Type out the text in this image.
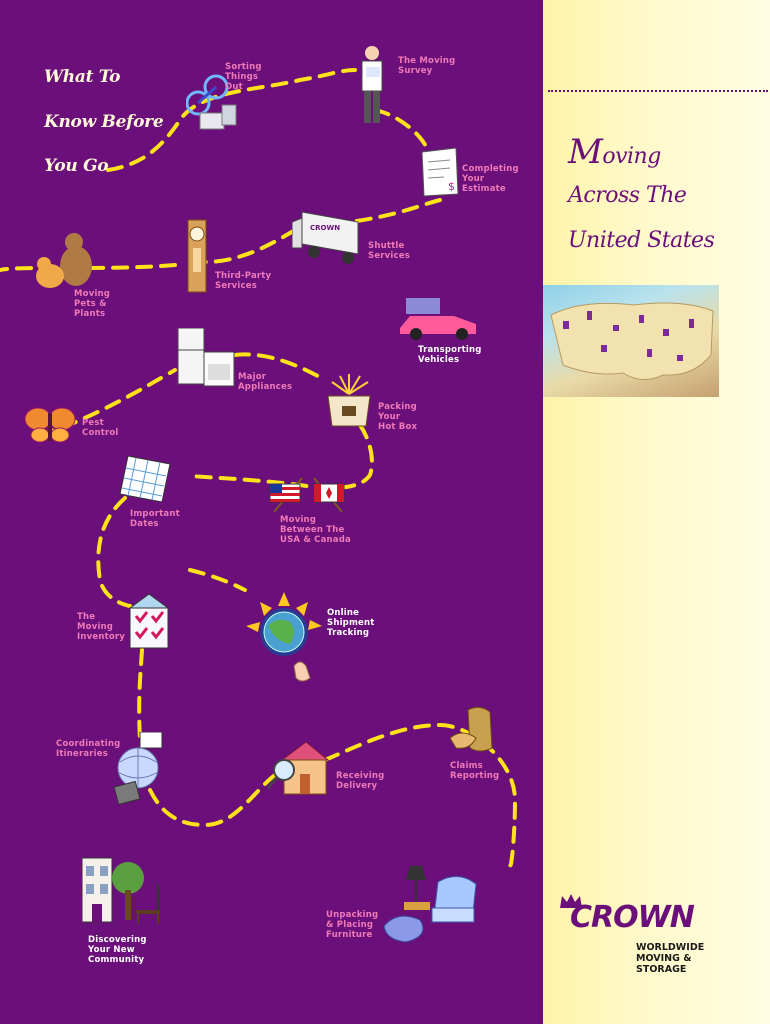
What To
Know Before
You Go
Sorting
Things
Out
The Moving
Survey
$
Completing
Your
Estimate
CROWN
Shuttle
Services
Third-Party
Services
Moving
Pets &
Plants
Transporting
Vehicles
Major
Appliances
Packing
Your
Hot Box
Pest
Control
Important
Dates	Moving
Between The
USA & Canada
The
Moving
Inventory
Online
Shipment
Tracking
Coordinating
Itineraries
Receiving
Delivery
Claims
Reporting
Discovering
Your New
Community
Unpacking
& Placing
Furniture
Moving
Across The
United States
CROWN
WORLDWIDE
MOVING &
STORAGE
